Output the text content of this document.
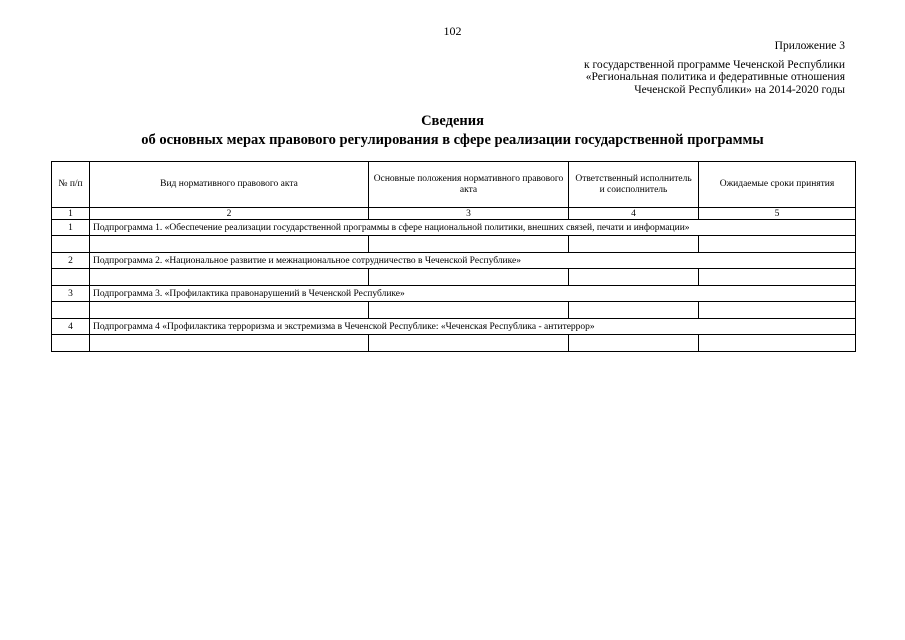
102
Приложение 3
к государственной программе Чеченской Республики
«Региональная политика и федеративные отношения
Чеченской Республики» на 2014-2020 годы
Сведения
об основных мерах правового регулирования в сфере реализации государственной программы
№ п/п	Вид нормативного правового акта	Основные положения нормативного правового акта	Ответственный исполнитель и соисполнитель	Ожидаемые сроки принятия
1	2	3	4	5
1	Подпрограмма 1. «Обеспечение реализации государственной программы в сфере национальной политики, внешних связей, печати и информации»			

2	Подпрограмма 2. «Национальное развитие и межнациональное сотрудничество в Чеченской Республике»			

3	Подпрограмма 3. «Профилактика правонарушений в Чеченской Республике»			

4	Подпрограмма 4 «Профилактика терроризма и экстремизма в Чеченской Республике: «Чеченская Республика - антитеррор»			
